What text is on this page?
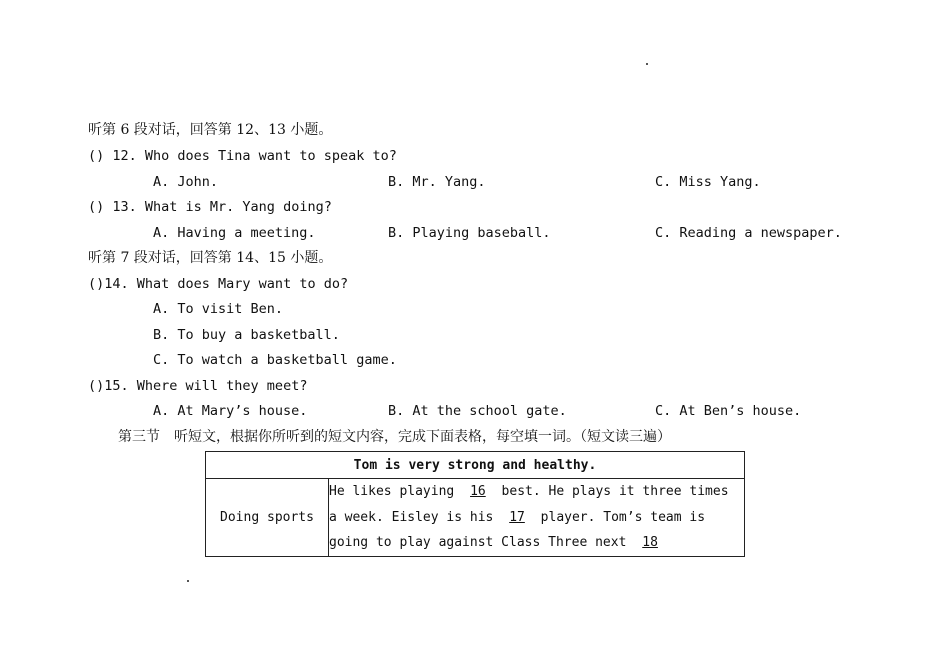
听第 6 段对话，回答第 12、13 小题。
() 12. Who does Tina want to speak to?
A. John.	B. Mr. Yang.	C. Miss Yang.
() 13. What is Mr. Yang doing?
A. Having a meeting.	B. Playing baseball.	C. Reading a newspaper.
听第 7 段对话，回答第 14、15 小题。
()14. What does Mary want to do?
A. To visit Ben.
B. To buy a basketball.
C. To watch a basketball game.
()15. Where will they meet?
A. At Mary’s house.	B. At the school gate.	C. At Ben’s house.
第三节　听短文，根据你所听到的短文内容，完成下面表格，每空填一词。（短文读三遍）
Tom is very strong and healthy.
Doing sports	He likes playing 16 best. He plays it three times a week. Eisley is his 17 player. Tom’s team is going to play against Class Three next 18
